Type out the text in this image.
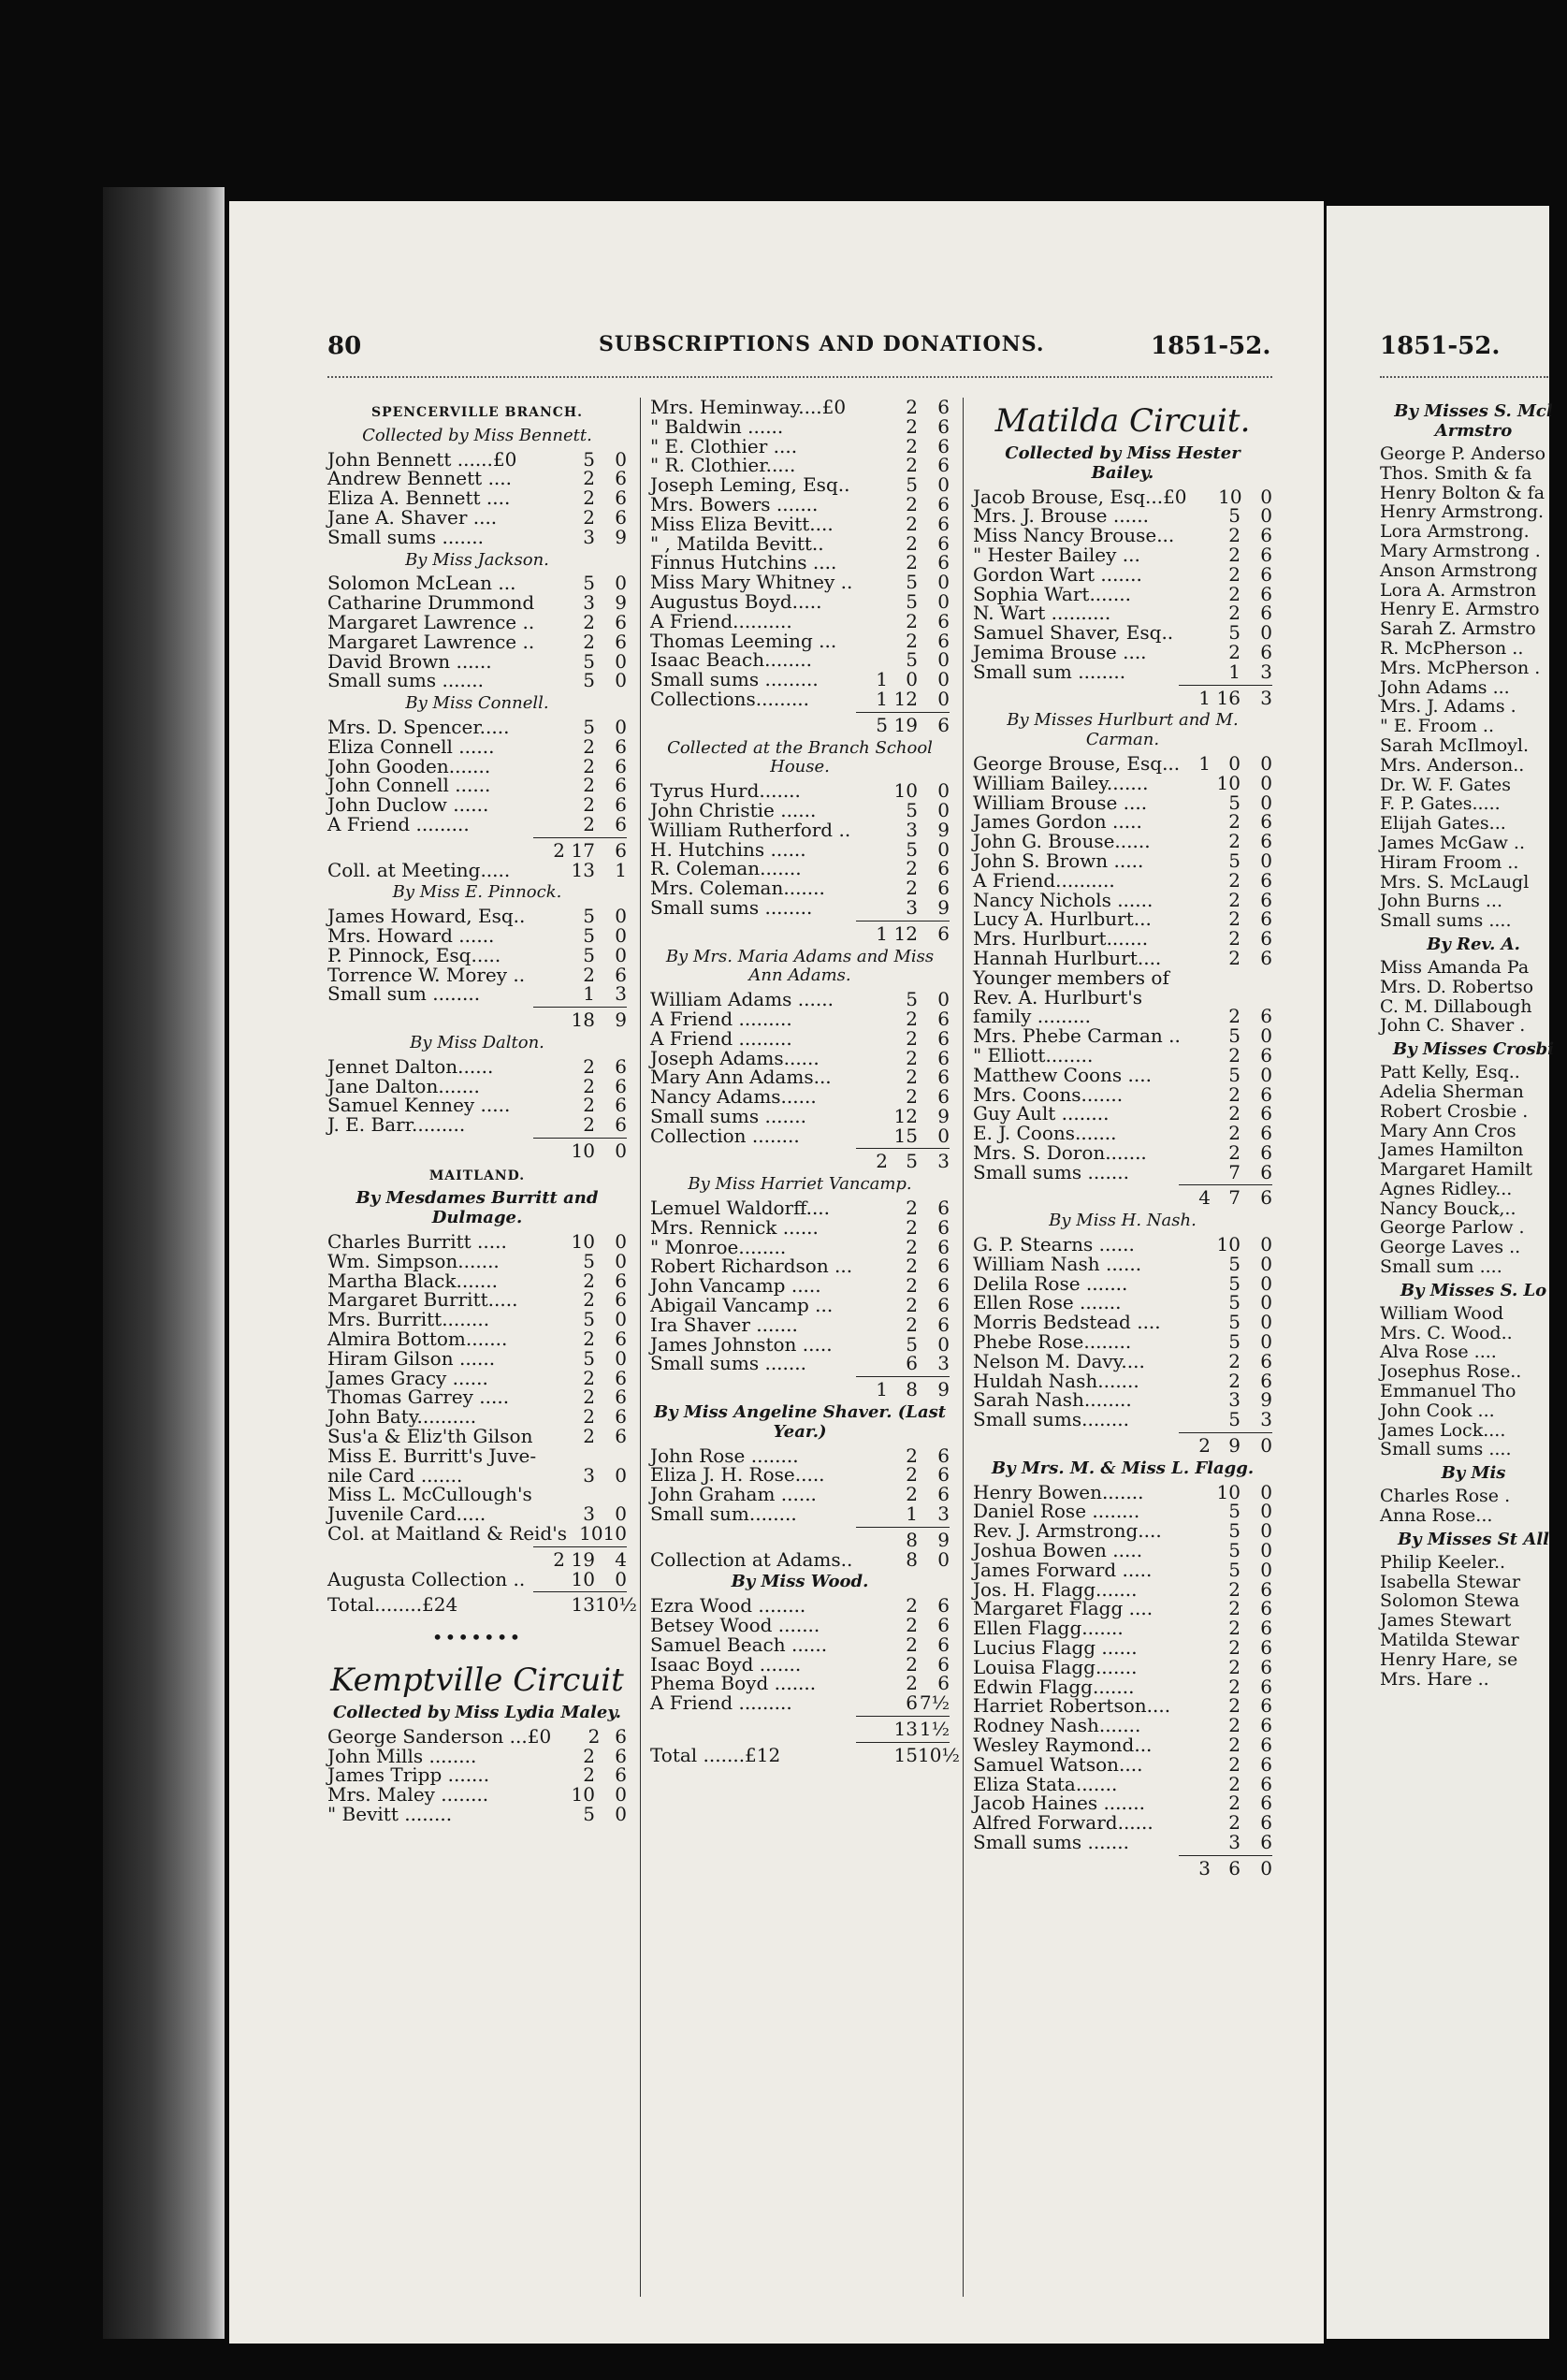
80	SUBSCRIPTIONS AND DONATIONS.	1851-52.	1851-52.
SPENCERVILLE BRANCH.
Collected by Miss Bennett.
John Bennett ......£0	5	0
Andrew Bennett ....	2	6
Eliza A. Bennett ....	2	6
Jane A. Shaver ....	2	6
Small sums .......	3	9
By Miss Jackson.
Solomon McLean ...	5	0
Catharine Drummond	3	9
Margaret Lawrence ..	2	6
Margaret Lawrence ..	2	6
David Brown ......	5	0
Small sums .......	5	0
By Miss Connell.
Mrs. D. Spencer.....	5	0
Eliza Connell ......	2	6
John Gooden.......	2	6
John Connell ......	2	6
John Duclow ......	2	6
A Friend .........	2	6
2 17	6
Coll. at Meeting.....	13	1
By Miss E. Pinnock.
James Howard, Esq..	5	0
Mrs. Howard ......	5	0
P. Pinnock, Esq.....	5	0
Torrence W. Morey ..	2	6
Small sum ........	1	3
18	9
By Miss Dalton.
Jennet Dalton......	2	6
Jane Dalton.......	2	6
Samuel Kenney .....	2	6
J. E. Barr.........	2	6
10	0
MAITLAND.
By Mesdames Burritt and Dulmage.
Charles Burritt .....	10	0
Wm. Simpson.......	5	0
Martha Black.......	2	6
Margaret Burritt.....	2	6
Mrs. Burritt........	5	0
Almira Bottom.......	2	6
Hiram Gilson ......	5	0
James Gracy ......	2	6
Thomas Garrey .....	2	6
John Baty..........	2	6
Sus'a & Eliz'th Gilson	2	6
Miss E. Burritt's Juve-
nile Card .......	3	0
Miss L. McCullough's
Juvenile Card.....	3	0
Col. at Maitland & Reid's 10 10
2 19	4
Augusta Collection ..	10	0
Total........£24	13 10½
•••••••
Kemptville Circuit
Collected by Miss Lydia Maley.
George Sanderson ...£0	2 6
John Mills ........	2	6
James Tripp .......	2	6
Mrs. Maley ........	10	0
" Bevitt ........	5	0
Mrs. Heminway....£0	2	6
" Baldwin ......	2	6
" E. Clothier ....	2	6
" R. Clothier.....	2	6
Joseph Leming, Esq..	5	0
Mrs. Bowers .......	2	6
Miss Eliza Bevitt....	2	6
" , Matilda Bevitt..	2	6
Finnus Hutchins ....	2	6
Miss Mary Whitney ..	5	0
Augustus Boyd.....	5	0
A Friend..........	2	6
Thomas Leeming ...	2	6
Isaac Beach........	5	0
Small sums .........	1 0	0
Collections.........	1 12	0
5 19	6
Collected at the Branch School House.
Tyrus Hurd.......	10	0
John Christie ......	5	0
William Rutherford ..	3	9
H. Hutchins ......	5	0
R. Coleman.......	2	6
Mrs. Coleman.......	2	6
Small sums ........	3	9
1 12	6
By Mrs. Maria Adams and Miss Ann Adams.
William Adams ......	5	0
A Friend .........	2	6
A Friend .........	2	6
Joseph Adams......	2	6
Mary Ann Adams...	2	6
Nancy Adams......	2	6
Small sums .......	12	9
Collection ........	15	0
2 5	3
By Miss Harriet Vancamp.
Lemuel Waldorff....	2	6
Mrs. Rennick ......	2	6
" Monroe........	2	6
Robert Richardson ...	2	6
John Vancamp .....	2	6
Abigail Vancamp ...	2	6
Ira Shaver .......	2	6
James Johnston .....	5	0
Small sums .......	6	3
1 8	9
By Miss Angeline Shaver. (Last Year.)
John Rose ........	2	6
Eliza J. H. Rose.....	2	6
John Graham ......	2	6
Small sum........	1	3
8	9
Collection at Adams..	8	0
By Miss Wood.
Ezra Wood ........	2	6
Betsey Wood .......	2	6
Samuel Beach ......	2	6
Isaac Boyd .......	2	6
Phema Boyd .......	2	6
A Friend .........	6 7½
13 1½
Total .......£12	15 10½
Matilda Circuit.
Collected by Miss Hester Bailey.
Jacob Brouse, Esq...£0 10 0
Mrs. J. Brouse ......	5	0
Miss Nancy Brouse...	2	6
" Hester Bailey ...	2	6
Gordon Wart .......	2	6
Sophia Wart.......	2	6
N. Wart ..........	2	6
Samuel Shaver, Esq..	5	0
Jemima Brouse ....	2	6
Small sum ........	1	3
1 16	3
By Misses Hurlburt and M. Carman.
George Brouse, Esq...	1 0	0
William Bailey.......	10	0
William Brouse ....	5	0
James Gordon .....	2	6
John G. Brouse......	2	6
John S. Brown .....	5	0
A Friend..........	2	6
Nancy Nichols ......	2	6
Lucy A. Hurlburt...	2	6
Mrs. Hurlburt.......	2	6
Hannah Hurlburt....	2	6
Younger members of
Rev. A. Hurlburt's
family .........	2	6
Mrs. Phebe Carman ..	5	0
" Elliott........	2	6
Matthew Coons ....	5	0
Mrs. Coons.......	2	6
Guy Ault ........	2	6
E. J. Coons.......	2	6
Mrs. S. Doron.......	2	6
Small sums .......	7	6
4 7	6
By Miss H. Nash.
G. P. Stearns ......	10	0
William Nash ......	5	0
Delila Rose .......	5	0
Ellen Rose .......	5	0
Morris Bedstead ....	5	0
Phebe Rose........	5	0
Nelson M. Davy....	2	6
Huldah Nash.......	2	6
Sarah Nash........	3	9
Small sums........	5	3
2 9	0
By Mrs. M. & Miss L. Flagg.
Henry Bowen.......	10	0
Daniel Rose ........	5	0
Rev. J. Armstrong....	5	0
Joshua Bowen .....	5	0
James Forward .....	5	0
Jos. H. Flagg.......	2	6
Margaret Flagg ....	2	6
Ellen Flagg.......	2	6
Lucius Flagg ......	2	6
Louisa Flagg.......	2	6
Edwin Flagg.......	2	6
Harriet Robertson....	2	6
Rodney Nash.......	2	6
Wesley Raymond...	2	6
Samuel Watson....	2	6
Eliza Stata.......	2	6
Jacob Haines .......	2	6
Alfred Forward......	2	6
Small sums .......	3	6
3 6	0
By Misses S. Mcl Armstro
George P. Anderso
Thos. Smith & fa
Henry Bolton & fa
Henry Armstrong.
Lora Armstrong.
Mary Armstrong .
Anson Armstrong
Lora A. Armstron
Henry E. Armstro
Sarah Z. Armstro
R. McPherson ..
Mrs. McPherson .
John Adams ...
Mrs. J. Adams .
" E. Froom ..
Sarah McIlmoyl.
Mrs. Anderson..
Dr. W. F. Gates
F. P. Gates.....
Elijah Gates...
James McGaw ..
Hiram Froom ..
Mrs. S. McLaugl
John Burns ...
Small sums ....
By Rev. A.
Miss Amanda Pa
Mrs. D. Robertso
C. M. Dillabough
John C. Shaver .
By Misses Crosbi
Patt Kelly, Esq..
Adelia Sherman
Robert Crosbie .
Mary Ann Cros
James Hamilton
Margaret Hamilt
Agnes Ridley...
Nancy Bouck,..
George Parlow .
George Laves ..
Small sum ....
By Misses S. Lo
William Wood
Mrs. C. Wood..
Alva Rose ....
Josephus Rose..
Emmanuel Tho
John Cook ...
James Lock....
Small sums ....
By Mis
Charles Rose .
Anna Rose...
By Misses St All
Philip Keeler..
Isabella Stewar
Solomon Stewa
James Stewart
Matilda Stewar
Henry Hare, se
Mrs. Hare ..
